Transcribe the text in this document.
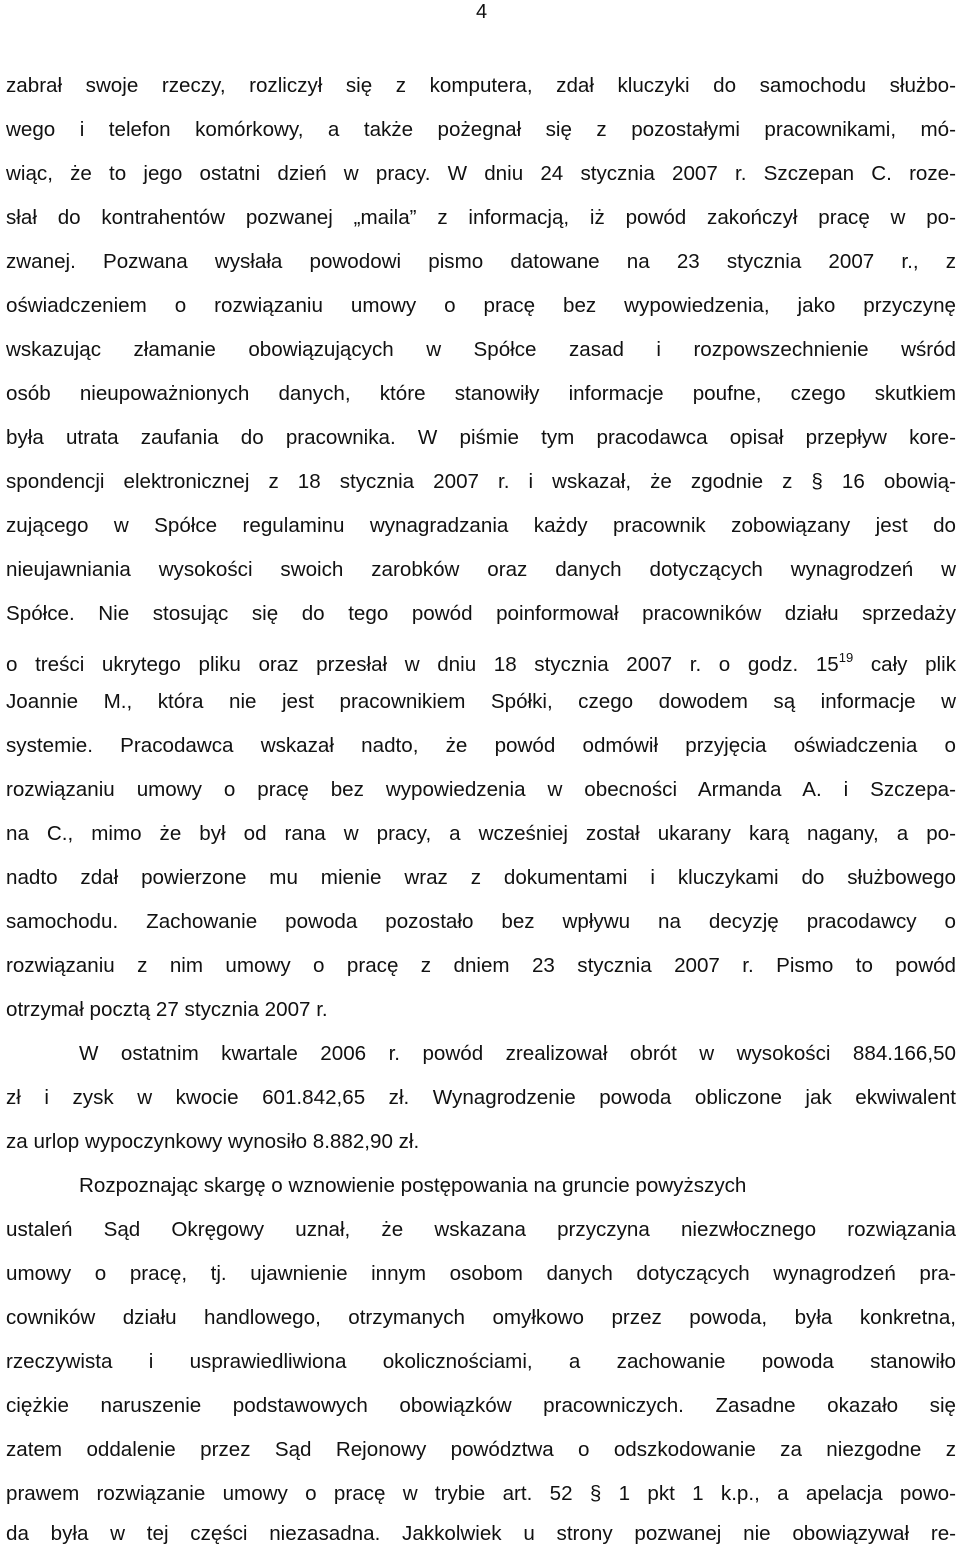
4
zabrał swoje rzeczy, rozliczył się z komputera, zdał kluczyki do samochodu służbo-
wego i telefon komórkowy, a także pożegnał się z pozostałymi pracownikami, mó-
wiąc, że to jego ostatni dzień w pracy. W dniu 24 stycznia 2007 r. Szczepan C. roze-
słał do kontrahentów pozwanej „maila” z informacją, iż powód zakończył pracę w po-
zwanej. Pozwana wysłała powodowi pismo datowane na 23 stycznia 2007 r., z
oświadczeniem o rozwiązaniu umowy o pracę bez wypowiedzenia, jako przyczynę
wskazując złamanie obowiązujących w Spółce zasad i rozpowszechnienie wśród
osób nieupoważnionych danych, które stanowiły informacje poufne, czego skutkiem
była utrata zaufania do pracownika. W piśmie tym pracodawca opisał przepływ kore-
spondencji elektronicznej z 18 stycznia 2007 r. i wskazał, że zgodnie z § 16 obowią-
zującego w Spółce regulaminu wynagradzania każdy pracownik zobowiązany jest do
nieujawniania wysokości swoich zarobków oraz danych dotyczących wynagrodzeń w
Spółce. Nie stosując się do tego powód poinformował pracowników działu sprzedaży
o treści ukrytego pliku oraz przesłał w dniu 18 stycznia 2007 r. o godz. $15^{19}$ cały plik
Joannie M., która nie jest pracownikiem Spółki, czego dowodem są informacje w
systemie. Pracodawca wskazał nadto, że powód odmówił przyjęcia oświadczenia o
rozwiązaniu umowy o pracę bez wypowiedzenia w obecności Armanda A. i Szczepa-
na C., mimo że był od rana w pracy, a wcześniej został ukarany karą nagany, a po-
nadto zdał powierzone mu mienie wraz z dokumentami i kluczykami do służbowego
samochodu. Zachowanie powoda pozostało bez wpływu na decyzję pracodawcy o
rozwiązaniu z nim umowy o pracę z dniem 23 stycznia 2007 r. Pismo to powód
otrzymał pocztą 27 stycznia 2007 r.
W ostatnim kwartale 2006 r. powód zrealizował obrót w wysokości 884.166,50
zł i zysk w kwocie 601.842,65 zł. Wynagrodzenie powoda obliczone jak ekwiwalent
za urlop wypoczynkowy wynosiło 8.882,90 zł.
Rozpoznając skargę o wznowienie postępowania na gruncie powyższych
ustaleń Sąd Okręgowy uznał, że wskazana przyczyna niezwłocznego rozwiązania
umowy o pracę, tj. ujawnienie innym osobom danych dotyczących wynagrodzeń pra-
cowników działu handlowego, otrzymanych omyłkowo przez powoda, była konkretna,
rzeczywista i usprawiedliwiona okolicznościami, a zachowanie powoda stanowiło
ciężkie naruszenie podstawowych obowiązków pracowniczych. Zasadne okazało się
zatem oddalenie przez Sąd Rejonowy powództwa o odszkodowanie za niezgodne z
prawem rozwiązanie umowy o pracę w trybie art. 52 § 1 pkt 1 k.p., a apelacja powo-
da była w tej części niezasadna. Jakkolwiek u strony pozwanej nie obowiązywał re-
